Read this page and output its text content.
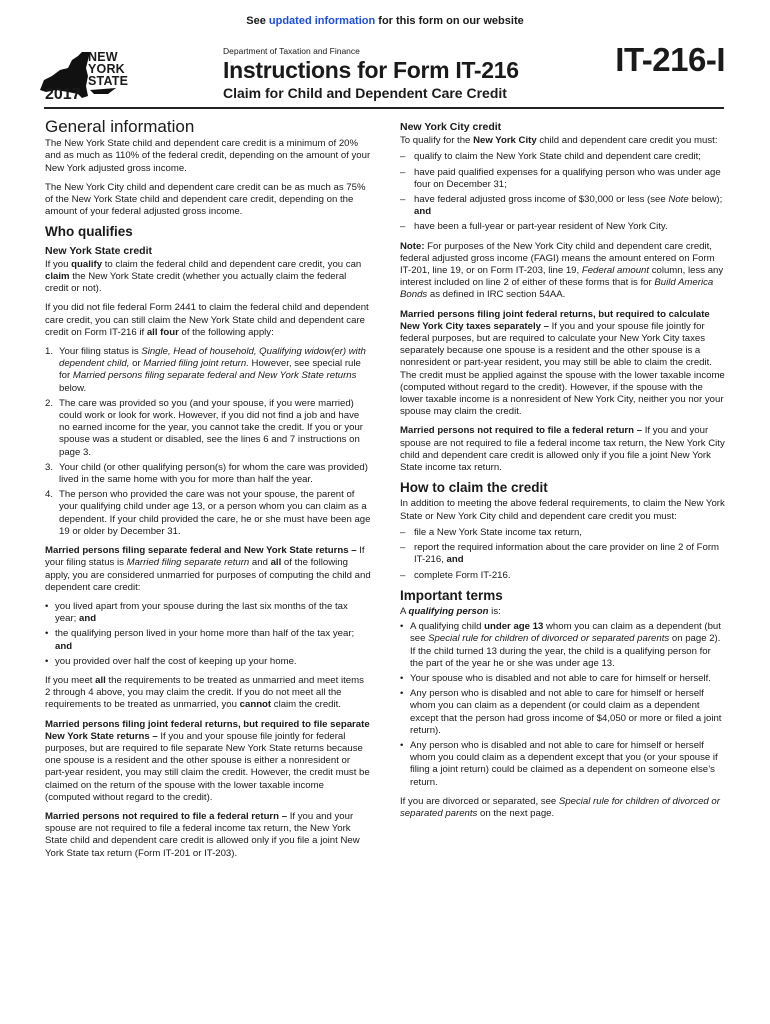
See updated information for this form on our website
NEW
YORK
STATE
2017
Department of Taxation and Finance
Instructions for Form IT-216
Claim for Child and Dependent Care Credit
IT-216-I
General information

The New York State child and dependent care credit is a minimum of 20% and as much as 110% of the federal credit, depending on the amount of your New York adjusted gross income.

The New York City child and dependent care credit can be as much as 75% of the New York State child and dependent care credit, depending on the amount of your federal adjusted gross income.

Who qualifies
New York State credit

If you qualify to claim the federal child and dependent care credit, you can claim the New York State credit (whether you actually claim the federal credit or not).

If you did not file federal Form 2441 to claim the federal child and dependent care credit, you can still claim the New York State child and dependent care credit on Form IT-216 if all four of the following apply:

1. Your filing status is Single, Head of household, Qualifying widow(er) with dependent child, or Married filing joint return. However, see special rule for Married persons filing separate federal and New York State returns below.
2. The care was provided so you (and your spouse, if you were married) could work or look for work. However, if you did not find a job and have no earned income for the year, you cannot take the credit. If you or your spouse was a student or disabled, see the lines 6 and 7 instructions on page 3.
3. Your child (or other qualifying person(s) for whom the care was provided) lived in the same home with you for more than half the year.
4. The person who provided the care was not your spouse, the parent of your qualifying child under age 13, or a person whom you can claim as a dependent. If your child provided the care, he or she must have been age 19 or older by December 31.

Married persons filing separate federal and New York State returns – If your filing status is Married filing separate return and all of the following apply, you are considered unmarried for purposes of computing the child and dependent care credit:

• you lived apart from your spouse during the last six months of the tax year; and
• the qualifying person lived in your home more than half of the tax year; and
• you provided over half the cost of keeping up your home.

If you meet all the requirements to be treated as unmarried and meet items 2 through 4 above, you may claim the credit. If you do not meet all the requirements to be treated as unmarried, you cannot claim the credit.

Married persons filing joint federal returns, but required to file separate New York State returns – If you and your spouse file jointly for federal purposes, but are required to file separate New York State returns because one spouse is a resident and the other spouse is either a nonresident or part-year resident, you may still claim the credit. However, the credit must be claimed on the return of the spouse with the lower taxable income (computed without regard to the credit).

Married persons not required to file a federal return – If you and your spouse are not required to file a federal income tax return, the New York State child and dependent care credit is allowed only if you file a joint New York State tax return (Form IT-201 or IT-203).

New York City credit

To qualify for the New York City child and dependent care credit you must:

– qualify to claim the New York State child and dependent care credit;
– have paid qualified expenses for a qualifying person who was under age four on December 31;
– have federal adjusted gross income of $30,000 or less (see Note below); and
– have been a full-year or part-year resident of New York City.

Note: For purposes of the New York City child and dependent care credit, federal adjusted gross income (FAGI) means the amount entered on Form IT-201, line 19, or on Form IT-203, line 19, Federal amount column, less any interest included on line 2 of either of these forms that is for Build America Bonds as defined in IRC section 54AA.

Married persons filing joint federal returns, but required to calculate New York City taxes separately – If you and your spouse file jointly for federal purposes, but are required to calculate your New York City taxes separately because one spouse is a resident and the other spouse is a nonresident or part-year resident, you may still be able to claim the credit. The credit must be applied against the spouse with the lower taxable income (computed without regard to the credit). However, if the spouse with the lower taxable income is a nonresident of New York City, neither you nor your spouse may claim the credit.

Married persons not required to file a federal return – If you and your spouse are not required to file a federal income tax return, the New York City child and dependent care credit is allowed only if you file a joint New York State income tax return.

How to claim the credit

In addition to meeting the above federal requirements, to claim the New York State or New York City child and dependent care credit you must:

– file a New York State income tax return,
– report the required information about the care provider on line 2 of Form IT-216, and
– complete Form IT-216.
Important terms

A qualifying person is:

• A qualifying child under age 13 whom you can claim as a dependent (but see Special rule for children of divorced or separated parents on page 2). If the child turned 13 during the year, the child is a qualifying person for the part of the year he or she was under age 13.
• Your spouse who is disabled and not able to care for himself or herself.
• Any person who is disabled and not able to care for himself or herself whom you can claim as a dependent (or could claim as a dependent except that the person had gross income of $4,050 or more or filed a joint return).
• Any person who is disabled and not able to care for himself or herself whom you could claim as a dependent except that you (or your spouse if filing a joint return) could be claimed as a dependent on someone else’s return.

If you are divorced or separated, see Special rule for children of divorced or separated parents on the next page.
